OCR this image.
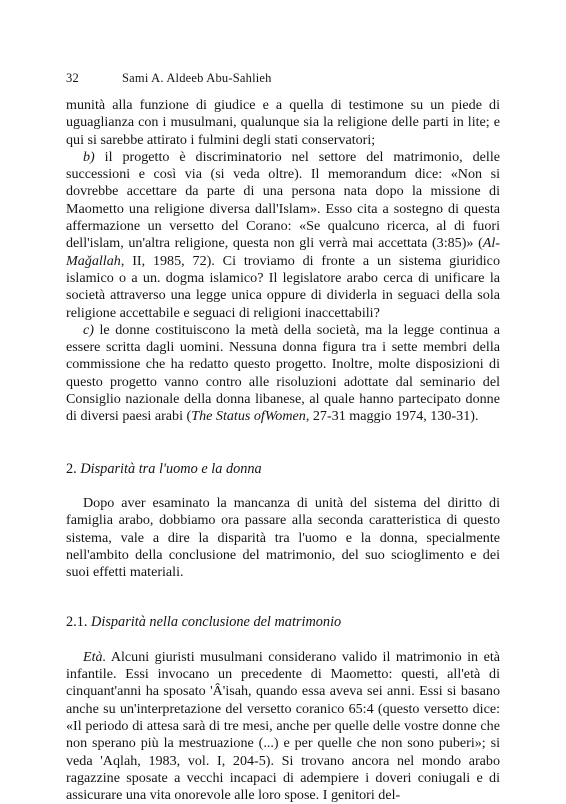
32	Sami A. Aldeeb Abu-Sahlieh

munità alla funzione di giudice e a quella di testimone su un piede di uguaglianza con i musulmani, qualunque sia la religione delle parti in lite; e qui si sarebbe attirato i fulmini degli stati conservatori;

b) il progetto è discriminatorio nel settore del matrimonio, delle successioni e così via (si veda oltre). Il memorandum dice: «Non si dovrebbe accettare da parte di una persona nata dopo la missione di Maometto una religione diversa dall'Islam». Esso cita a sostegno di questa affermazione un versetto del Corano: «Se qualcuno ricerca, al di fuori dell'islam, un'altra religione, questa non gli verrà mai accettata (3:85)» (Al-Maǧallah, II, 1985, 72). Ci troviamo di fronte a un sistema giuridico islamico o a un. dogma islamico? Il legislatore arabo cerca di unificare la società attraverso una legge unica oppure di dividerla in seguaci della sola religione accettabile e seguaci di religioni inaccettabili?

c) le donne costituiscono la metà della società, ma la legge continua a essere scritta dagli uomini. Nessuna donna figura tra i sette membri della commissione che ha redatto questo progetto. Inoltre, molte disposizioni di questo progetto vanno contro alle risoluzioni adottate dal seminario del Consiglio nazionale della donna libanese, al quale hanno partecipato donne di diversi paesi arabi (The Status ofWomen, 27-31 maggio 1974, 130-31).

2. Disparità tra l'uomo e la donna

Dopo aver esaminato la mancanza di unità del sistema del diritto di famiglia arabo, dobbiamo ora passare alla seconda caratteristica di questo sistema, vale a dire la disparità tra l'uomo e la donna, specialmente nell'ambito della conclusione del matrimonio, del suo scioglimento e dei suoi effetti materiali.

2.1. Disparità nella conclusione del matrimonio

Età. Alcuni giuristi musulmani considerano valido il matrimonio in età infantile. Essi invocano un precedente di Maometto: questi, all'età di cinquant'anni ha sposato 'Â'isah, quando essa aveva sei anni. Essi si basano anche su un'interpretazione del versetto coranico 65:4 (questo versetto dice: «Il periodo di attesa sarà di tre mesi, anche per quelle delle vostre donne che non sperano più la mestruazione (...) e per quelle che non sono puberi»; si veda 'Aqlah, 1983, vol. I, 204-5). Si trovano ancora nel mondo arabo ragazzine sposate a vecchi incapaci di adempiere i doveri coniugali e di assicurare una vita onorevole alle loro spose. I genitori del-
